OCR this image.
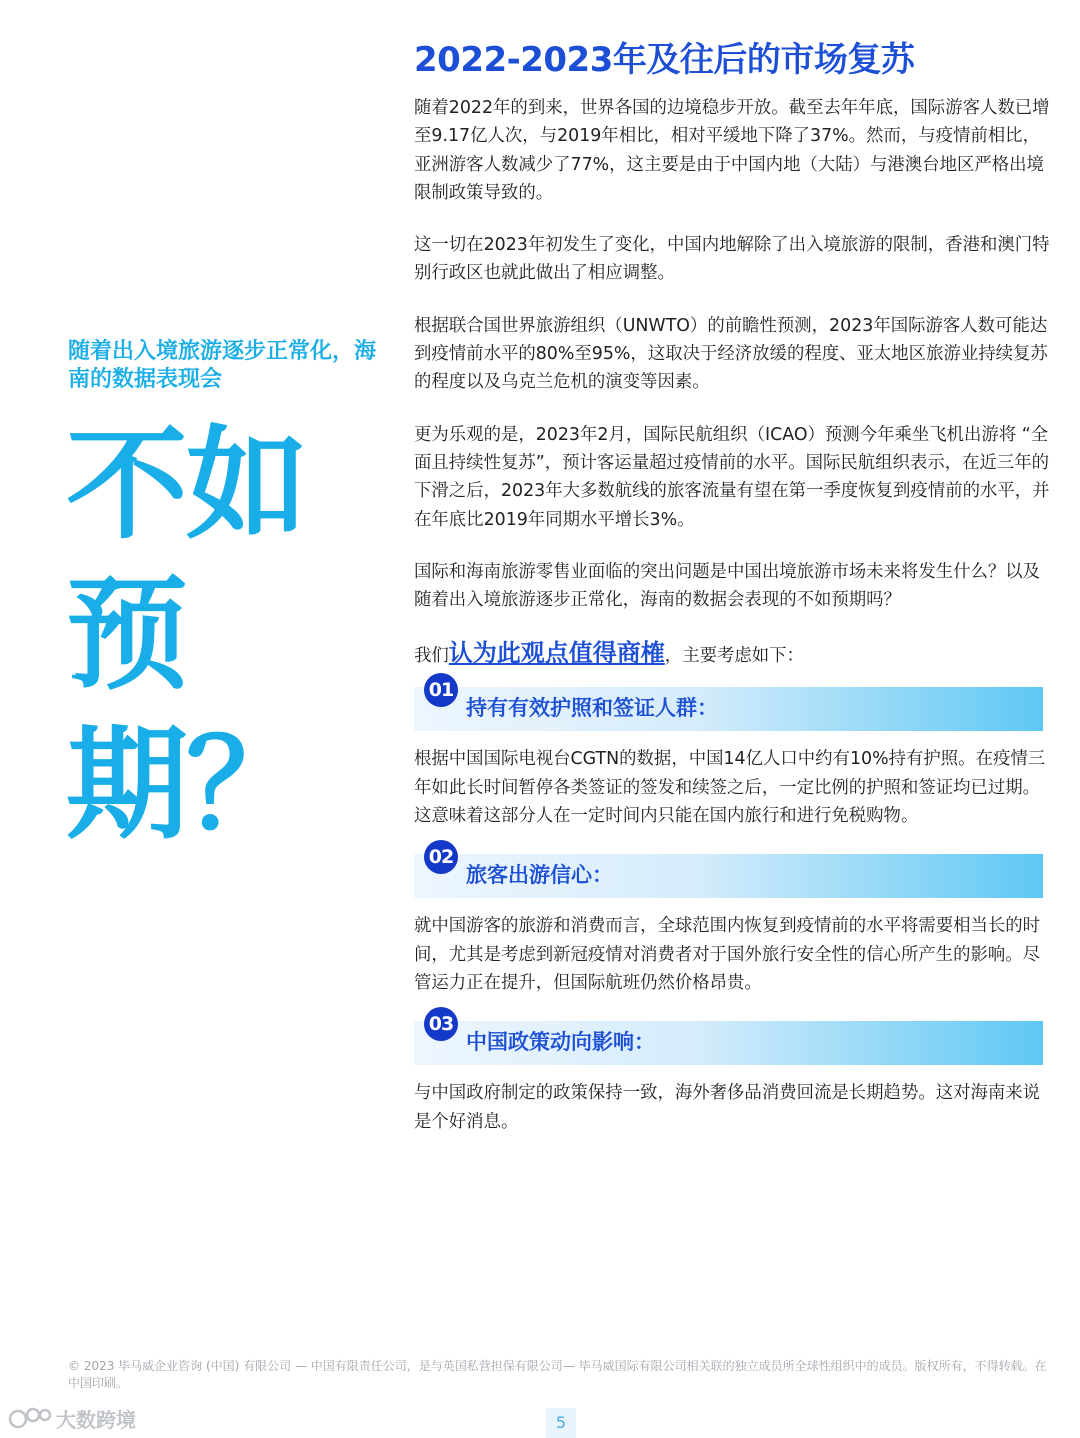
随着出入境旅游逐步正常化，海南的数据表现会
不如
预期？
2022-2023年及往后的市场复苏

随着2022年的到来，世界各国的边境稳步开放。截至去年年底，国际游客人数已增至9.17亿人次，与2019年相比，相对平缓地下降了37%。然而，与疫情前相比，亚洲游客人数减少了77%，这主要是由于中国内地（大陆）与港澳台地区严格出境限制政策导致的。

这一切在2023年初发生了变化，中国内地解除了出入境旅游的限制，香港和澳门特别行政区也就此做出了相应调整。

根据联合国世界旅游组织（UNWTO）的前瞻性预测，2023年国际游客人数可能达到疫情前水平的80%至95%，这取决于经济放缓的程度、亚太地区旅游业持续复苏的程度以及乌克兰危机的演变等因素。

更为乐观的是，2023年2月，国际民航组织（ICAO）预测今年乘坐飞机出游将 “全面且持续性复苏”，预计客运量超过疫情前的水平。国际民航组织表示，在近三年的下滑之后，2023年大多数航线的旅客流量有望在第一季度恢复到疫情前的水平，并在年底比2019年同期水平增长3%。

国际和海南旅游零售业面临的突出问题是中国出境旅游市场未来将发生什么？以及随着出入境旅游逐步正常化，海南的数据会表现的不如预期吗？

我们认为此观点值得商榷，主要考虑如下：

01
持有有效护照和签证人群：

根据中国国际电视台CGTN的数据，中国14亿人口中约有10%持有护照。在疫情三年如此长时间暂停各类签证的签发和续签之后，一定比例的护照和签证均已过期。这意味着这部分人在一定时间内只能在国内旅行和进行免税购物。

02
旅客出游信心：

就中国游客的旅游和消费而言，全球范围内恢复到疫情前的水平将需要相当长的时间，尤其是考虑到新冠疫情对消费者对于国外旅行安全性的信心所产生的影响。尽管运力正在提升，但国际航班仍然价格昂贵。

03
中国政策动向影响：

与中国政府制定的政策保持一致，海外奢侈品消费回流是长期趋势。这对海南来说是个好消息。

© 2023 毕马威企业咨询 (中国) 有限公司 — 中国有限责任公司，是与英国私营担保有限公司— 毕马威国际有限公司相关联的独立成员所全球性组织中的成员。版权所有，不得转载。在中国印刷。
大数跨境	5
